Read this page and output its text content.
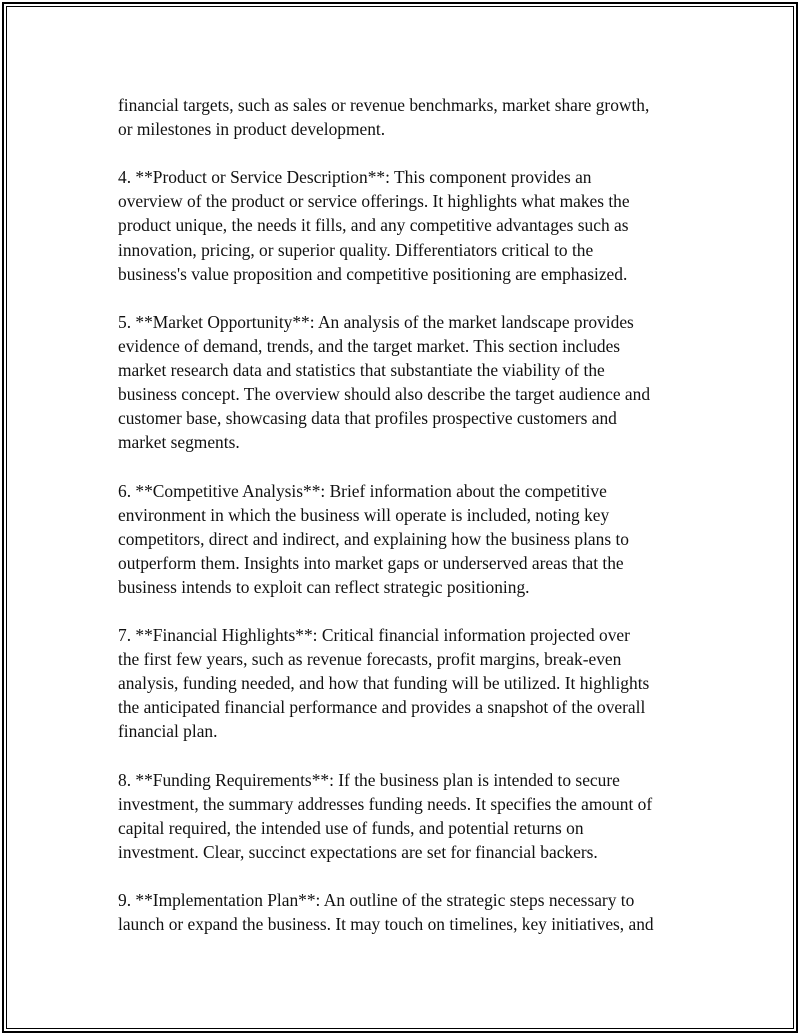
financial targets, such as sales or revenue benchmarks, market share growth,
or milestones in product development.
4. **Product or Service Description**: This component provides an
overview of the product or service offerings. It highlights what makes the
product unique, the needs it fills, and any competitive advantages such as
innovation, pricing, or superior quality. Differentiators critical to the
business's value proposition and competitive positioning are emphasized.
5. **Market Opportunity**: An analysis of the market landscape provides
evidence of demand, trends, and the target market. This section includes
market research data and statistics that substantiate the viability of the
business concept. The overview should also describe the target audience and
customer base, showcasing data that profiles prospective customers and
market segments.
6. **Competitive Analysis**: Brief information about the competitive
environment in which the business will operate is included, noting key
competitors, direct and indirect, and explaining how the business plans to
outperform them. Insights into market gaps or underserved areas that the
business intends to exploit can reflect strategic positioning.
7. **Financial Highlights**: Critical financial information projected over
the first few years, such as revenue forecasts, profit margins, break-even
analysis, funding needed, and how that funding will be utilized. It highlights
the anticipated financial performance and provides a snapshot of the overall
financial plan.
8. **Funding Requirements**: If the business plan is intended to secure
investment, the summary addresses funding needs. It specifies the amount of
capital required, the intended use of funds, and potential returns on
investment. Clear, succinct expectations are set for financial backers.
9. **Implementation Plan**: An outline of the strategic steps necessary to
launch or expand the business. It may touch on timelines, key initiatives, and
